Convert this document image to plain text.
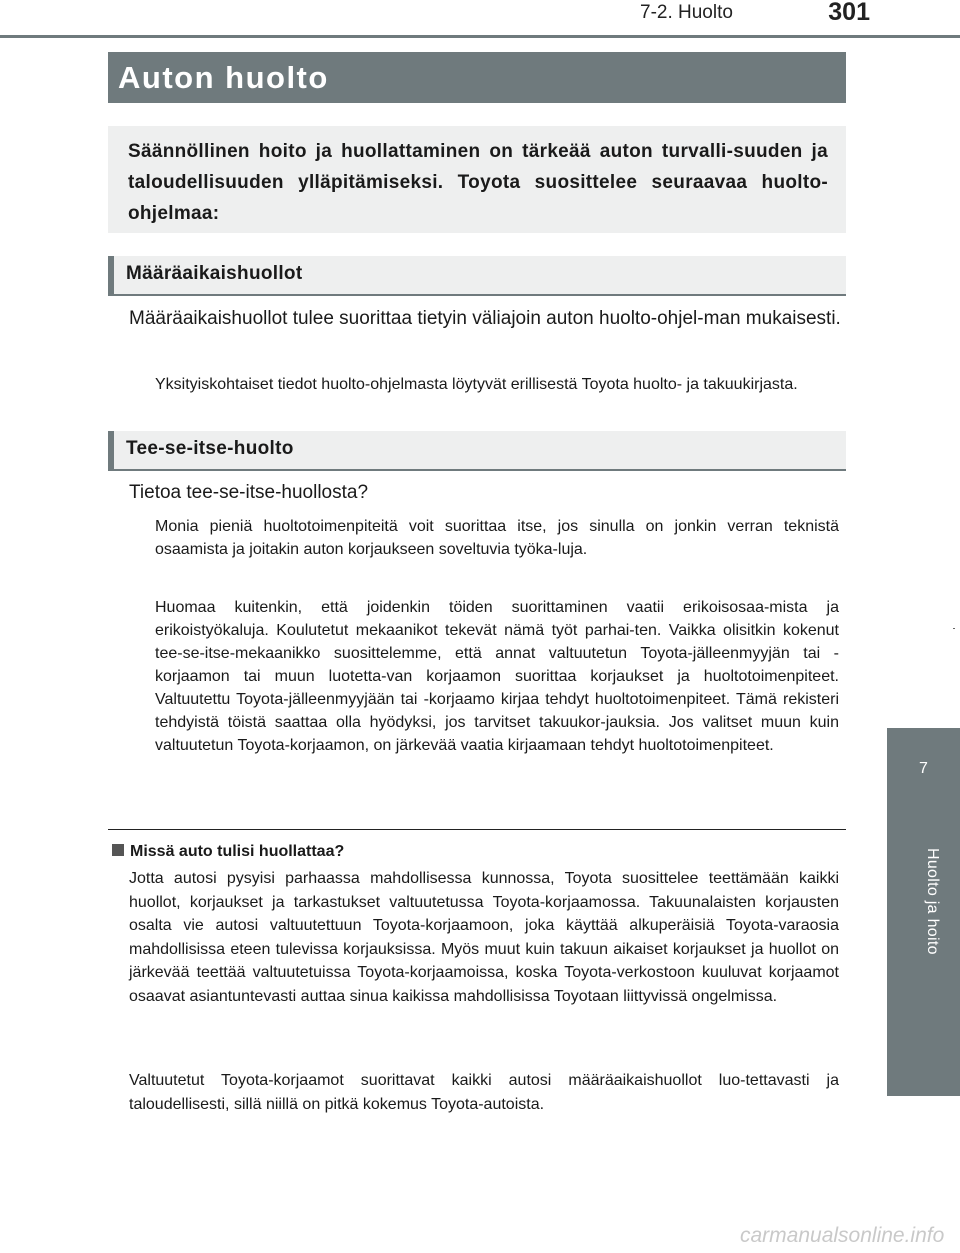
7-2. Huolto	301
Auton huolto
Säännöllinen hoito ja huollattaminen on tärkeää auton turvalli-suuden ja taloudellisuuden ylläpitämiseksi. Toyota suosittelee seuraavaa huolto-ohjelmaa:
Määräaikaishuollot
Määräaikaishuollot tulee suorittaa tietyin väliajoin auton huolto-ohjel-man mukaisesti.
Yksityiskohtaiset tiedot huolto-ohjelmasta löytyvät erillisestä Toyota huolto- ja takuukirjasta.
Tee-se-itse-huolto
Tietoa tee-se-itse-huollosta?
Monia pieniä huoltotoimenpiteitä voit suorittaa itse, jos sinulla on jonkin verran teknistä osaamista ja joitakin auton korjaukseen soveltuvia työka-luja.
Huomaa kuitenkin, että joidenkin töiden suorittaminen vaatii erikoisosaa-mista ja erikoistyökaluja. Koulutetut mekaanikot tekevät nämä työt parhai-ten. Vaikka olisitkin kokenut tee-se-itse-mekaanikko suosittelemme, että annat valtuutetun Toyota-jälleenmyyjän tai -korjaamon tai muun luotetta-van korjaamon suorittaa korjaukset ja huoltotoimenpiteet. Valtuutettu Toyota-jälleenmyyjään tai -korjaamo kirjaa tehdyt huoltotoimenpiteet. Tämä rekisteri tehdyistä töistä saattaa olla hyödyksi, jos tarvitset takuukor-jauksia. Jos valitset muun kuin valtuutetun Toyota-korjaamon, on järkevää vaatia kirjaamaan tehdyt huoltotoimenpiteet.
Missä auto tulisi huollattaa?
Jotta autosi pysyisi parhaassa mahdollisessa kunnossa, Toyota suosittelee teettämään kaikki huollot, korjaukset ja tarkastukset valtuutetussa Toyota-korjaamossa. Takuunalaisten korjausten osalta vie autosi valtuutettuun Toyota-korjaamoon, joka käyttää alkuperäisiä Toyota-varaosia mahdollisissa eteen tulevissa korjauksissa. Myös muut kuin takuun aikaiset korjaukset ja huollot on järkevää teettää valtuutetuissa Toyota-korjaamoissa, koska Toyota-verkostoon kuuluvat korjaamot osaavat asiantuntevasti auttaa sinua kaikissa mahdollisissa Toyotaan liittyvissä ongelmissa.
Valtuutetut Toyota-korjaamot suorittavat kaikki autosi määräaikaishuollot luo-tettavasti ja taloudellisesti, sillä niillä on pitkä kokemus Toyota-autoista.
7
Huolto ja hoito
carmanualsonline.info
